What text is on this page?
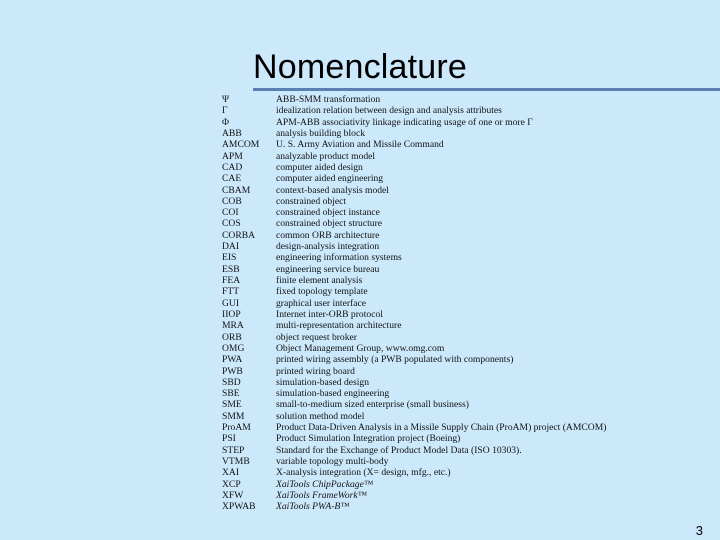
Nomenclature
Ψ	ABB-SMM transformation
Γ	idealization relation between design and analysis attributes
Φ	APM-ABB associativity linkage indicating usage of one or more Γ
ABB	analysis building block
AMCOM	U. S. Army Aviation and Missile Command
APM	analyzable product model
CAD	computer aided design
CAE	computer aided engineering
CBAM	context-based analysis model
COB	constrained object
COI	constrained object instance
COS	constrained object structure
CORBA	common ORB architecture
DAI	design-analysis integration
EIS	engineering information systems
ESB	engineering service bureau
FEA	finite element analysis
FTT	fixed topology template
GUI	graphical user interface
IIOP	Internet inter-ORB protocol
MRA	multi-representation architecture
ORB	object request broker
OMG	Object Management Group, www.omg.com
PWA	printed wiring assembly (a PWB populated with components)
PWB	printed wiring board
SBD	simulation-based design
SBE	simulation-based engineering
SME	small-to-medium sized enterprise (small business)
SMM	solution method model
ProAM	Product Data-Driven Analysis in a Missile Supply Chain (ProAM) project (AMCOM)
PSI	Product Simulation Integration project (Boeing)
STEP	Standard for the Exchange of Product Model Data (ISO 10303).
VTMB	variable topology multi-body
XAI	X-analysis integration (X= design, mfg., etc.)
XCP	XaiTools ChipPackage™
XFW	XaiTools FrameWork™
XPWAB	XaiTools PWA-B™
3
